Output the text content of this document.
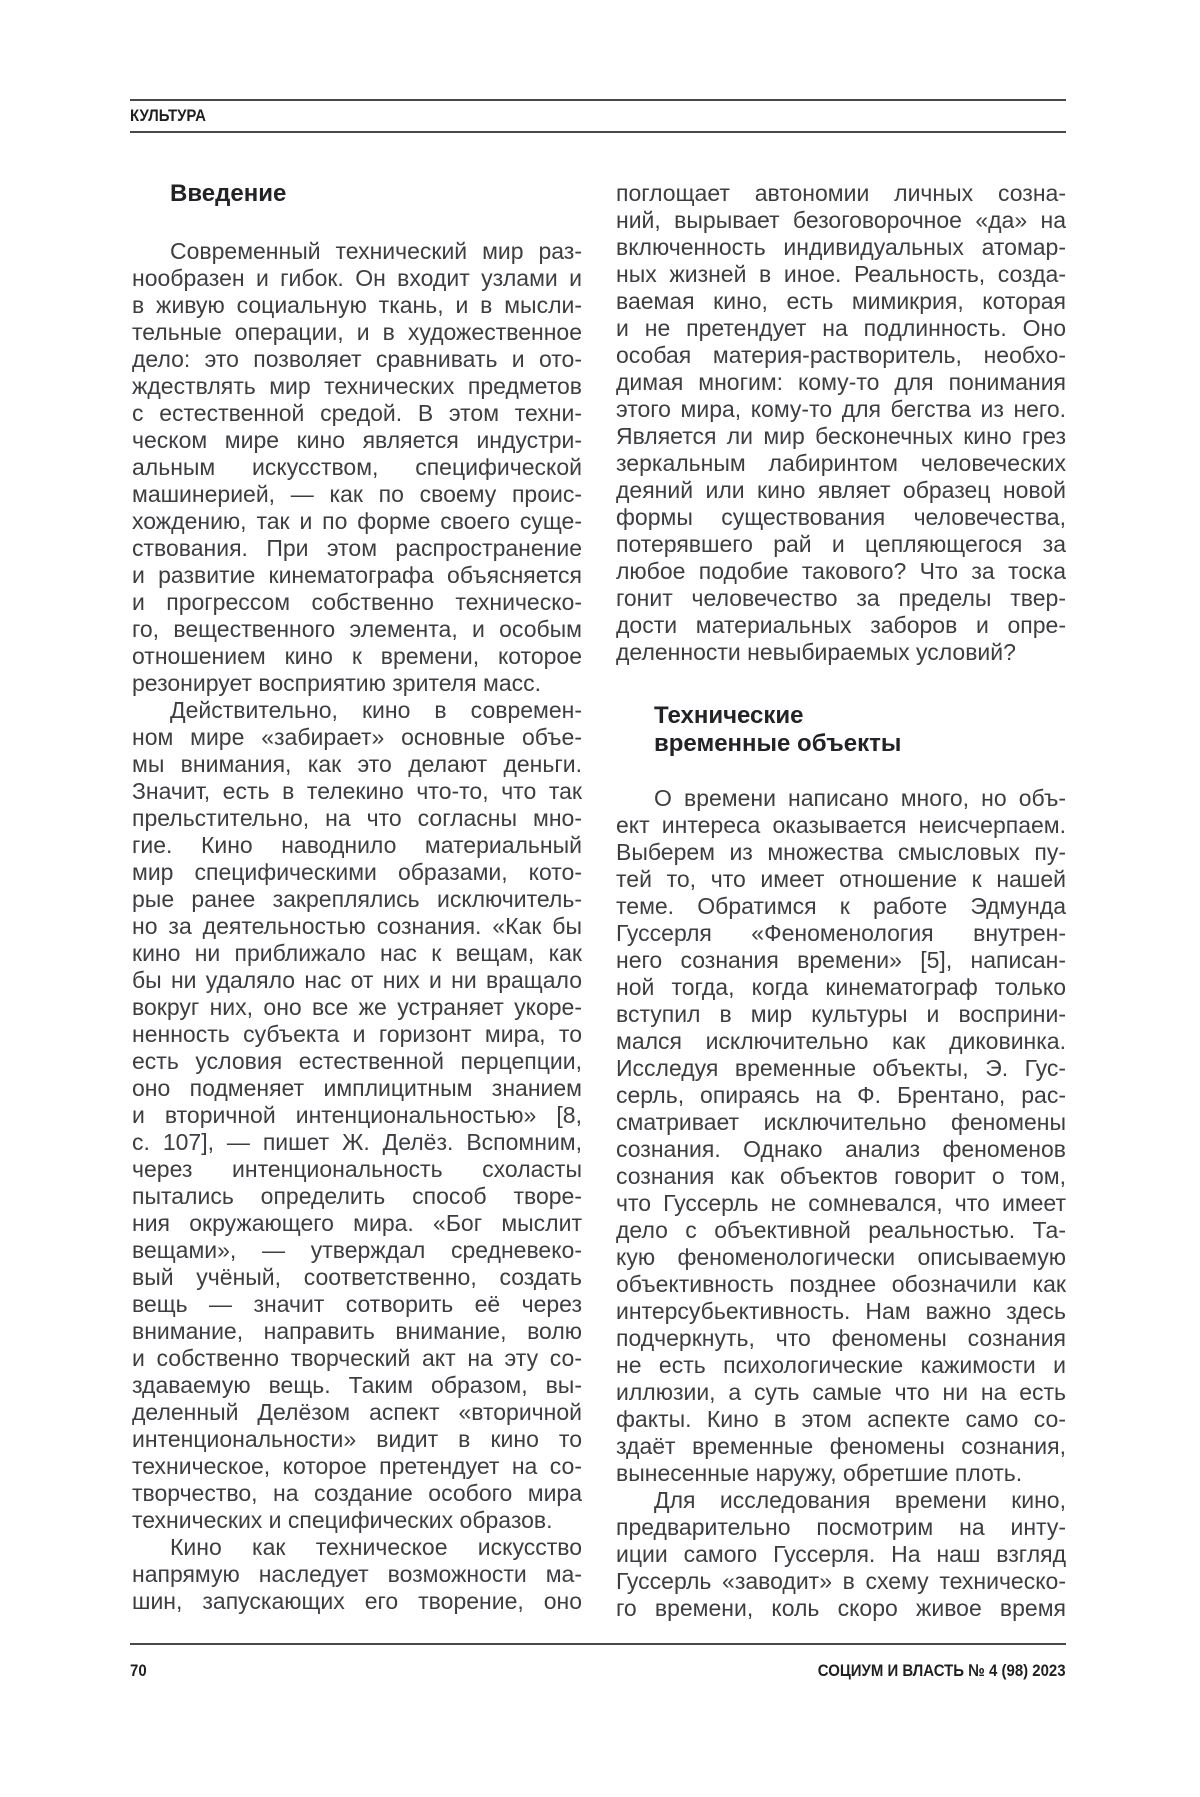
КУЛЬТУРА
Введение
Современный технический мир раз-
нообразен и гибок. Он входит узлами и
в живую социальную ткань, и в мысли-
тельные операции, и в художественное
дело: это позволяет сравнивать и ото-
ждествлять мир технических предметов
с естественной средой. В этом техни-
ческом мире кино является индустри-
альным искусством, специфической
машинерией, — как по своему проис-
хождению, так и по форме своего суще-
ствования. При этом распространение
и развитие кинематографа объясняется
и прогрессом собственно техническо-
го, вещественного элемента, и особым
отношением кино к времени, которое
резонирует восприятию зрителя масс.
Действительно, кино в современ-
ном мире «забирает» основные объе-
мы внимания, как это делают деньги.
Значит, есть в телекино что-то, что так
прельстительно, на что согласны мно-
гие. Кино наводнило материальный
мир специфическими образами, кото-
рые ранее закреплялись исключитель-
но за деятельностью сознания. «Как бы
кино ни приближало нас к вещам, как
бы ни удаляло нас от них и ни вращало
вокруг них, оно все же устраняет укоре-
ненность субъекта и горизонт мира, то
есть условия естественной перцепции,
оно подменяет имплицитным знанием
и вторичной интенциональностью» [8,
с. 107], — пишет Ж. Делёз. Вспомним,
через интенциональность схоласты
пытались определить способ творе-
ния окружающего мира. «Бог мыслит
вещами», — утверждал средневеко-
вый учёный, соответственно, создать
вещь — значит сотворить её через
внимание, направить внимание, волю
и собственно творческий акт на эту со-
здаваемую вещь. Таким образом, вы-
деленный Делёзом аспект «вторичной
интенциональности» видит в кино то
техническое, которое претендует на со-
творчество, на создание особого мира
технических и специфических образов.
Кино как техническое искусство
напрямую наследует возможности ма-
шин, запускающих его творение, оно
поглощает автономии личных созна-
ний, вырывает безоговорочное «да» на
включенность индивидуальных атомар-
ных жизней в иное. Реальность, созда-
ваемая кино, есть мимикрия, которая
и не претендует на подлинность. Оно
особая материя-растворитель, необхо-
димая многим: кому-то для понимания
этого мира, кому-то для бегства из него.
Является ли мир бесконечных кино грез
зеркальным лабиринтом человеческих
деяний или кино являет образец новой
формы существования человечества,
потерявшего рай и цепляющегося за
любое подобие такового? Что за тоска
гонит человечество за пределы твер-
дости материальных заборов и опре-
деленности невыбираемых условий?
Технические
временные объекты
О времени написано много, но объ-
ект интереса оказывается неисчерпаем.
Выберем из множества смысловых пу-
тей то, что имеет отношение к нашей
теме. Обратимся к работе Эдмунда
Гуссерля «Феноменология внутрен-
него сознания времени» [5], написан-
ной тогда, когда кинематограф только
вступил в мир культуры и восприни-
мался исключительно как диковинка.
Исследуя временные объекты, Э. Гус-
серль, опираясь на Ф. Брентано, рас-
сматривает исключительно феномены
сознания. Однако анализ феноменов
сознания как объектов говорит о том,
что Гуссерль не сомневался, что имеет
дело с объективной реальностью. Та-
кую феноменологически описываемую
объективность позднее обозначили как
интерсубьективность. Нам важно здесь
подчеркнуть, что феномены сознания
не есть психологические кажимости и
иллюзии, а суть самые что ни на есть
факты. Кино в этом аспекте само со-
здаёт временные феномены сознания,
вынесенные наружу, обретшие плоть.
Для исследования времени кино,
предварительно посмотрим на инту-
иции самого Гуссерля. На наш взгляд
Гуссерль «заводит» в схему техническо-
го времени, коль скоро живое время
70	СОЦИУМ И ВЛАСТЬ № 4 (98) 2023
